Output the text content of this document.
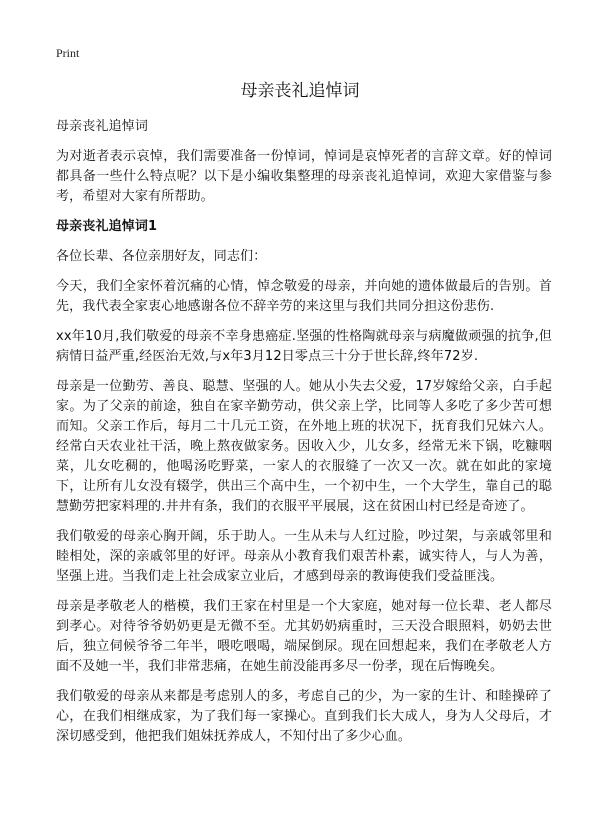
Print
母亲丧礼追悼词

母亲丧礼追悼词

为对逝者表示哀悼，我们需要准备一份悼词，悼词是哀悼死者的言辞文章。好的悼词都具备一些什么特点呢？以下是小编收集整理的母亲丧礼追悼词，欢迎大家借鉴与参考，希望对大家有所帮助。

母亲丧礼追悼词1

各位长辈、各位亲朋好友，同志们：

今天，我们全家怀着沉痛的心情，悼念敬爱的母亲，并向她的遗体做最后的告别。首先，我代表全家衷心地感谢各位不辞辛劳的来这里与我们共同分担这份悲伤.

xx年10月,我们敬爱的母亲不幸身患癌症.坚强的性格陶就母亲与病魔做顽强的抗争,但病情日益严重,经医治无效,与x年3月12日零点三十分于世长辞,终年72岁.

母亲是一位勤劳、善良、聪慧、坚强的人。她从小失去父爱，17岁嫁给父亲，白手起家。为了父亲的前途，独自在家辛勤劳动，供父亲上学，比同等人多吃了多少苦可想而知。父亲工作后，每月二十几元工资，在外地上班的状况下，抚育我们兄妹六人。经常白天农业社干活，晚上熬夜做家务。因收入少，儿女多，经常无米下锅，吃糠咽菜，儿女吃稠的，他喝汤吃野菜，一家人的衣服缝了一次又一次。就在如此的家境下，让所有儿女没有辍学，供出三个高中生，一个初中生，一个大学生，靠自己的聪慧勤劳把家料理的.井井有条，我们的衣服平平展展，这在贫困山村已经是奇迹了。

我们敬爱的母亲心胸开阔，乐于助人。一生从未与人红过脸，吵过架，与亲戚邻里和睦相处，深的亲戚邻里的好评。母亲从小教育我们艰苦朴素，诚实待人，与人为善，坚强上进。当我们走上社会成家立业后，才感到母亲的教诲使我们受益匪浅。

母亲是孝敬老人的楷模，我们王家在村里是一个大家庭，她对每一位长辈、老人都尽到孝心。对待爷爷奶奶更是无微不至。尤其奶奶病重时，三天没合眼照料，奶奶去世后，独立伺候爷爷二年半，喂吃喂喝，端屎倒尿。现在回想起来，我们在孝敬老人方面不及她一半，我们非常悲痛，在她生前没能再多尽一份孝，现在后悔晚矣。

我们敬爱的母亲从来都是考虑别人的多，考虑自己的少，为一家的生计、和睦操碎了心，在我们相继成家，为了我们每一家操心。直到我们长大成人，身为人父母后，才深切感受到，他把我们姐妹抚养成人，不知付出了多少心血。
